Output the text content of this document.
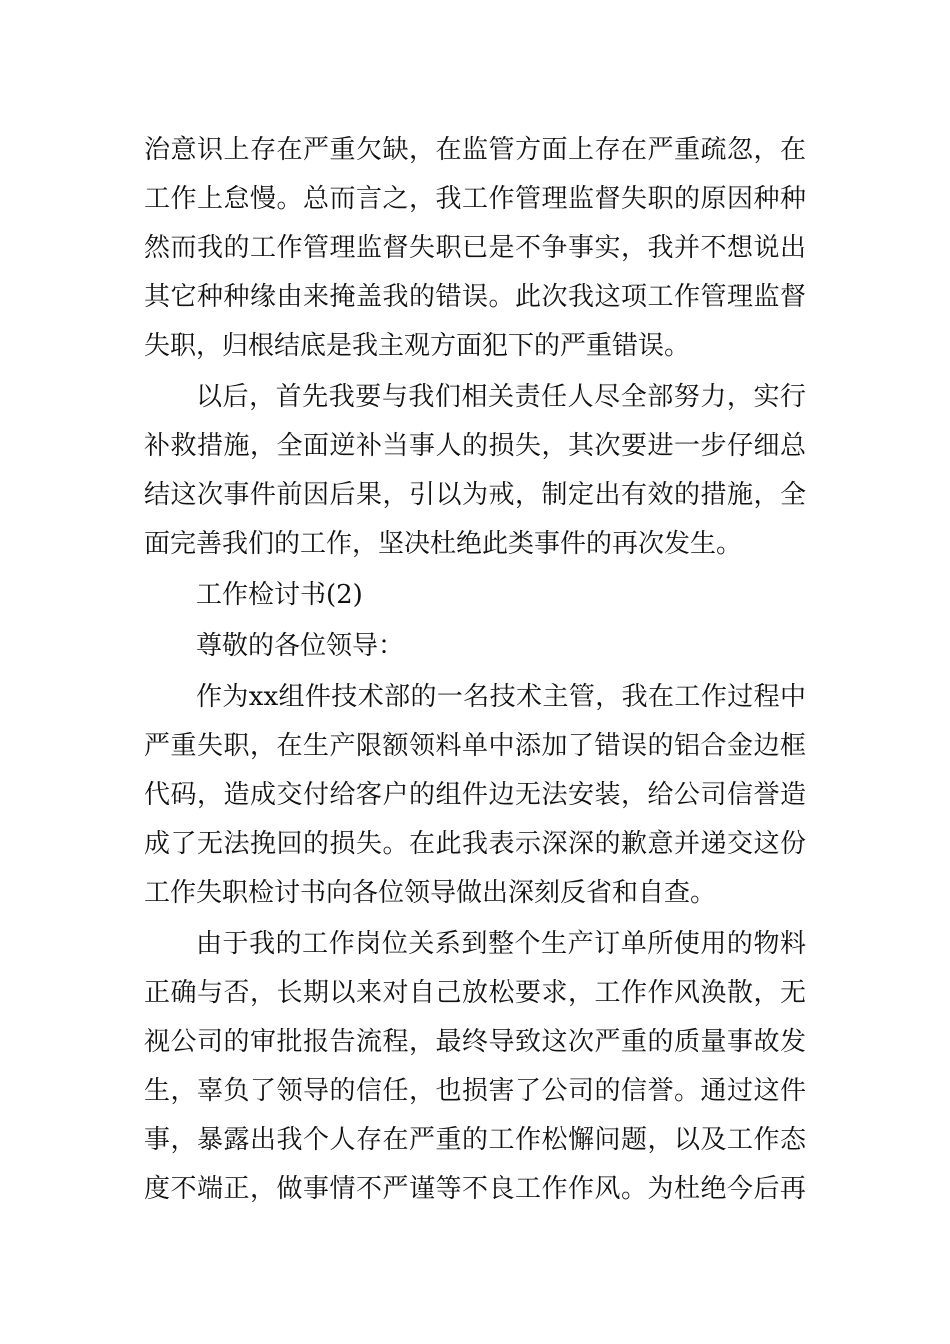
治意识上存在严重欠缺，在监管方面上存在严重疏忽，在
工作上怠慢。总而言之，我工作管理监督失职的原因种种
然而我的工作管理监督失职已是不争事实，我并不想说出
其它种种缘由来掩盖我的错误。此次我这项工作管理监督
失职，归根结底是我主观方面犯下的严重错误。
以后，首先我要与我们相关责任人尽全部努力，实行
补救措施，全面逆补当事人的损失，其次要进一步仔细总
结这次事件前因后果，引以为戒，制定出有效的措施，全
面完善我们的工作，坚决杜绝此类事件的再次发生。
工作检讨书(2)
尊敬的各位领导：
作为xx组件技术部的一名技术主管，我在工作过程中
严重失职，在生产限额领料单中添加了错误的铝合金边框
代码，造成交付给客户的组件边无法安装，给公司信誉造
成了无法挽回的损失。在此我表示深深的歉意并递交这份
工作失职检讨书向各位领导做出深刻反省和自查。
由于我的工作岗位关系到整个生产订单所使用的物料
正确与否，长期以来对自己放松要求，工作作风涣散，无
视公司的审批报告流程，最终导致这次严重的质量事故发
生，辜负了领导的信任，也损害了公司的信誉。通过这件
事，暴露出我个人存在严重的工作松懈问题，以及工作态
度不端正，做事情不严谨等不良工作作风。为杜绝今后再
